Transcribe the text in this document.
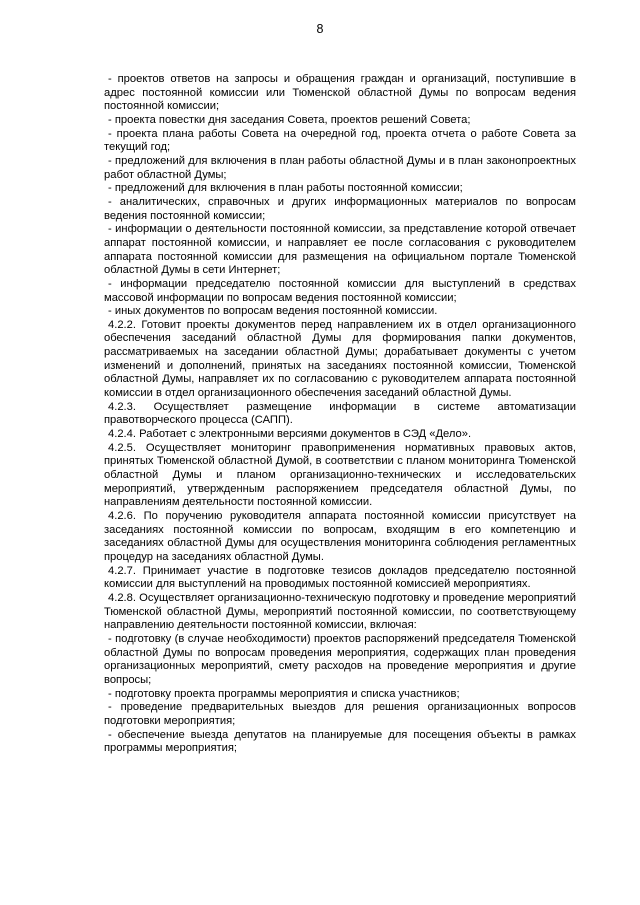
8

- проектов ответов на запросы и обращения граждан и организаций, поступившие в адрес постоянной комиссии или Тюменской областной Думы по вопросам ведения постоянной комиссии;

- проекта повестки дня заседания Совета, проектов решений Совета;

- проекта плана работы Совета на очередной год, проекта отчета о работе Совета за текущий год;

- предложений для включения в план работы областной Думы и в план законопроектных работ областной Думы;

- предложений для включения в план работы постоянной комиссии;

- аналитических, справочных и других информационных материалов по вопросам ведения постоянной комиссии;

- информации о деятельности постоянной комиссии, за представление которой отвечает аппарат постоянной комиссии, и направляет ее после согласования с руководителем аппарата постоянной комиссии для размещения на официальном портале Тюменской областной Думы в сети Интернет;

- информации председателю постоянной комиссии для выступлений в средствах массовой информации по вопросам ведения постоянной комиссии;

- иных документов по вопросам ведения постоянной комиссии.

4.2.2. Готовит проекты документов перед направлением их в отдел организационного обеспечения заседаний областной Думы для формирования папки документов, рассматриваемых на заседании областной Думы; дорабатывает документы с учетом изменений и дополнений, принятых на заседаниях постоянной комиссии, Тюменской областной Думы, направляет их по согласованию с руководителем аппарата постоянной комиссии в отдел организационного обеспечения заседаний областной Думы.

4.2.3. Осуществляет размещение информации в системе автоматизации правотворческого процесса (САПП).

4.2.4. Работает с электронными версиями документов в СЭД «Дело».

4.2.5. Осуществляет мониторинг правоприменения нормативных правовых актов, принятых Тюменской областной Думой, в соответствии с планом мониторинга Тюменской областной Думы и планом организационно-технических и исследовательских мероприятий, утвержденным распоряжением председателя областной Думы, по направлениям деятельности постоянной комиссии.

4.2.6. По поручению руководителя аппарата постоянной комиссии присутствует на заседаниях постоянной комиссии по вопросам, входящим в его компетенцию и заседаниях областной Думы для осуществления мониторинга соблюдения регламентных процедур на заседаниях областной Думы.

4.2.7. Принимает участие в подготовке тезисов докладов председателю постоянной комиссии для выступлений на проводимых постоянной комиссией мероприятиях.

4.2.8. Осуществляет организационно-техническую подготовку и проведение мероприятий Тюменской областной Думы, мероприятий постоянной комиссии, по соответствующему направлению деятельности постоянной комиссии, включая:

- подготовку (в случае необходимости) проектов распоряжений председателя Тюменской областной Думы по вопросам проведения мероприятия, содержащих план проведения организационных мероприятий, смету расходов на проведение мероприятия и другие вопросы;

- подготовку проекта программы мероприятия и списка участников;

- проведение предварительных выездов для решения организационных вопросов подготовки мероприятия;

- обеспечение выезда депутатов на планируемые для посещения объекты в рамках программы мероприятия;
